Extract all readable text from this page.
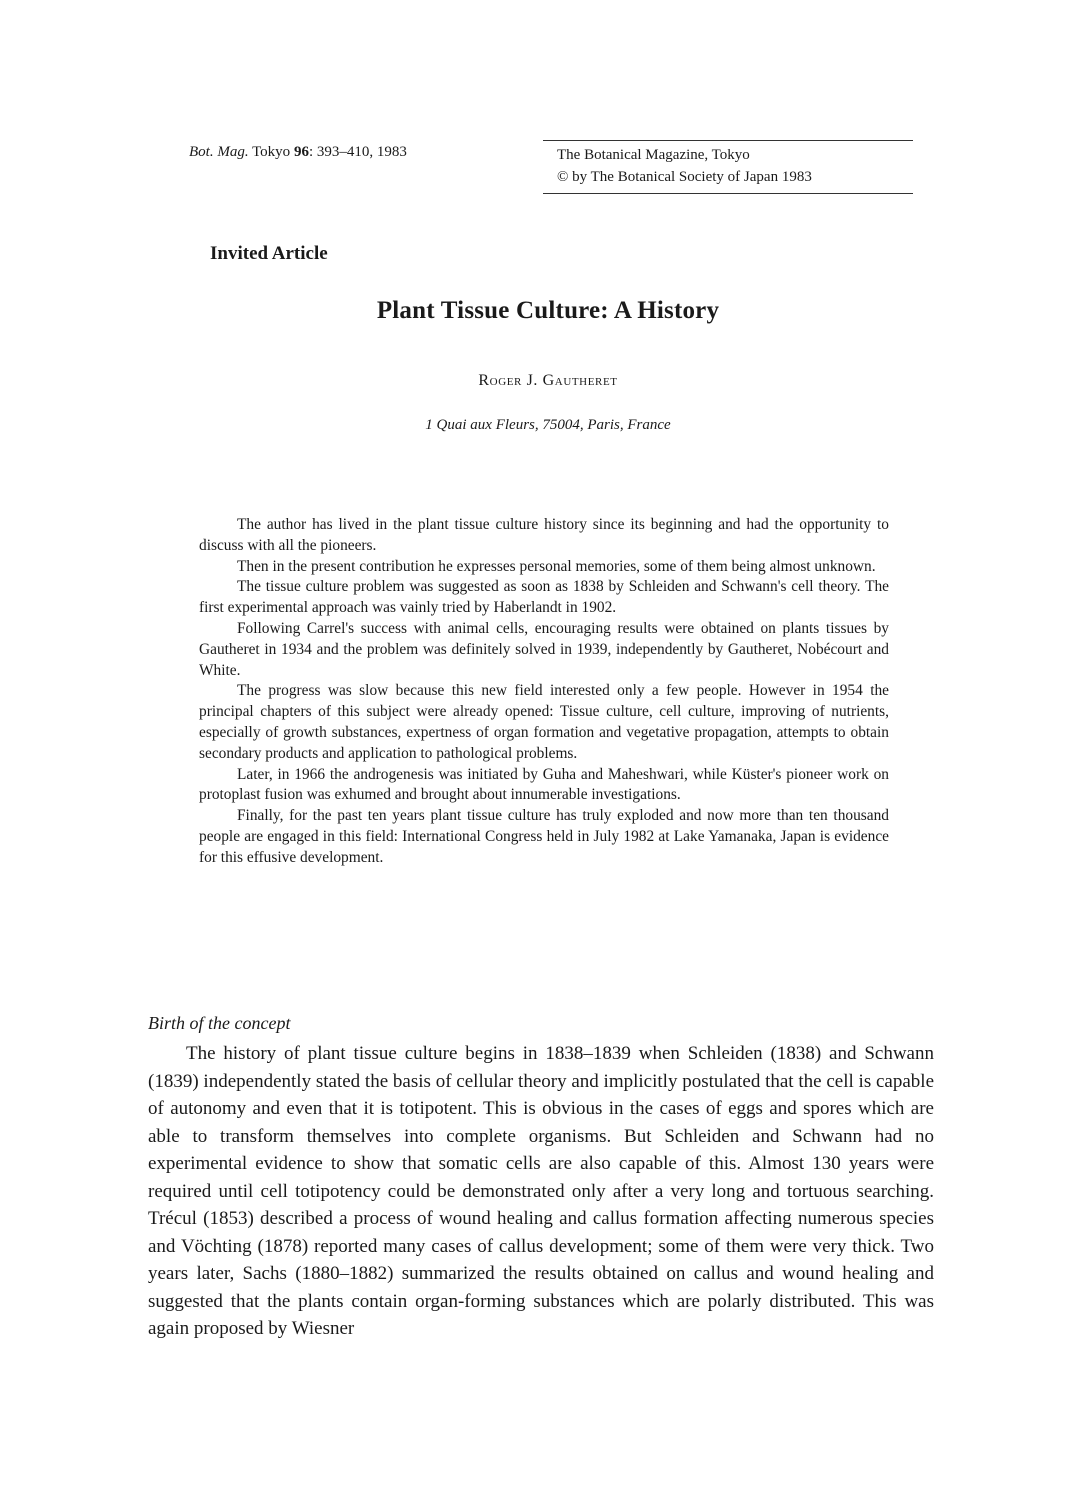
Bot. Mag. Tokyo 96: 393–410, 1983	The Botanical Magazine, Tokyo
© by The Botanical Society of Japan 1983
Invited Article
Plant Tissue Culture: A History
Roger J. Gautheret
1 Quai aux Fleurs, 75004, Paris, France

The author has lived in the plant tissue culture history since its beginning and had the opportunity to discuss with all the pioneers.

Then in the present contribution he expresses personal memories, some of them being almost unknown.

The tissue culture problem was suggested as soon as 1838 by Schleiden and Schwann's cell theory. The first experimental approach was vainly tried by Haberlandt in 1902.

Following Carrel's success with animal cells, encouraging results were obtained on plants tissues by Gautheret in 1934 and the problem was definitely solved in 1939, independently by Gautheret, Nobécourt and White.

The progress was slow because this new field interested only a few people. However in 1954 the principal chapters of this subject were already opened: Tissue culture, cell culture, improving of nutrients, especially of growth substances, expertness of organ formation and vegetative propagation, attempts to obtain secondary products and application to pathological problems.

Later, in 1966 the androgenesis was initiated by Guha and Maheshwari, while Küster's pioneer work on protoplast fusion was exhumed and brought about innumerable investigations.

Finally, for the past ten years plant tissue culture has truly exploded and now more than ten thousand people are engaged in this field: International Congress held in July 1982 at Lake Yamanaka, Japan is evidence for this effusive development.

Birth of the concept

The history of plant tissue culture begins in 1838–1839 when Schleiden (1838) and Schwann (1839) independently stated the basis of cellular theory and implicitly postulated that the cell is capable of autonomy and even that it is totipotent. This is obvious in the cases of eggs and spores which are able to transform themselves into complete organisms. But Schleiden and Schwann had no experimental evidence to show that somatic cells are also capable of this. Almost 130 years were required until cell totipotency could be demonstrated only after a very long and tortuous searching. Trécul (1853) described a process of wound healing and callus formation affecting numerous species and Vöchting (1878) reported many cases of callus development; some of them were very thick. Two years later, Sachs (1880–1882) summarized the results obtained on callus and wound healing and suggested that the plants contain organ-forming substances which are polarly distributed. This was again proposed by Wiesner
